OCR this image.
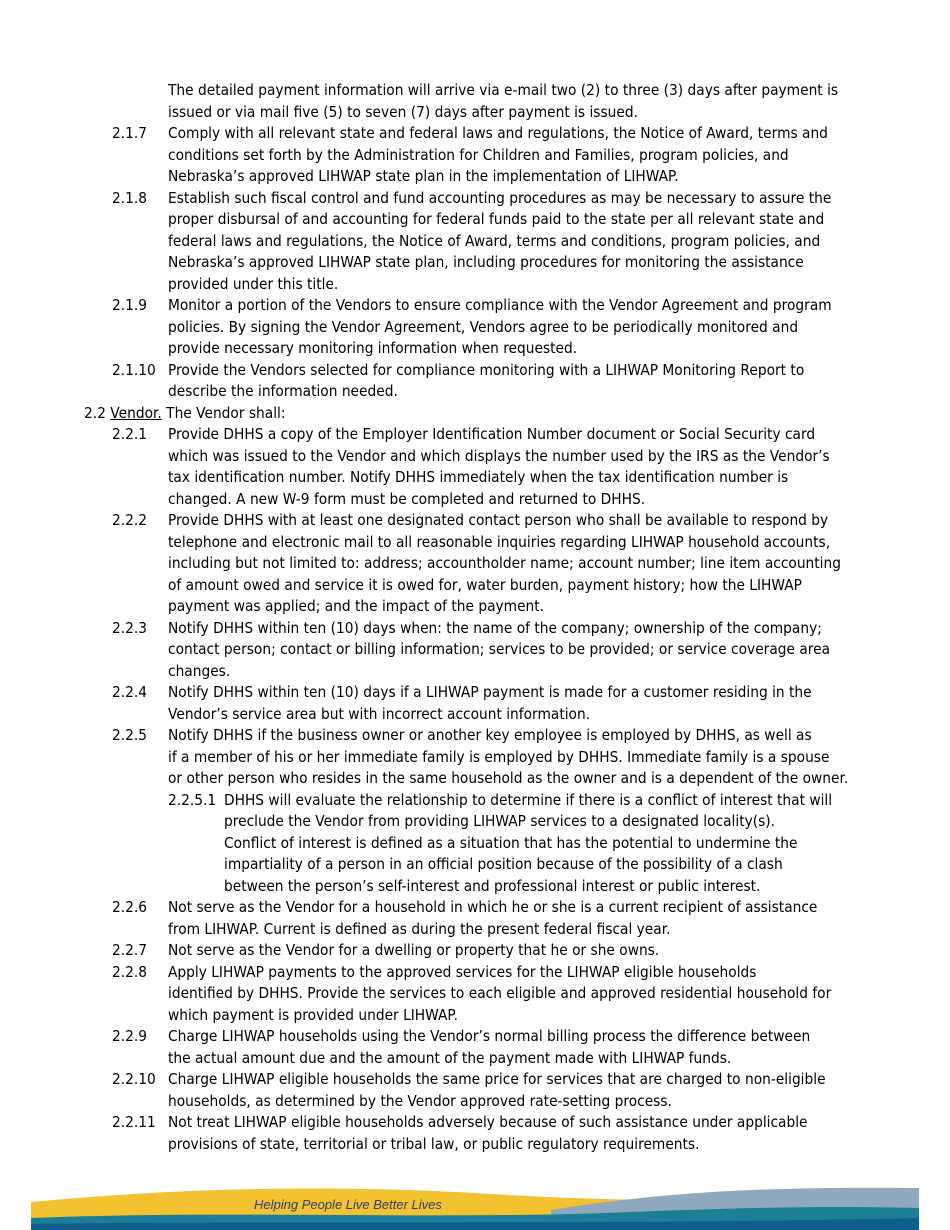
The detailed payment information will arrive via e-mail two (2) to three (3) days after payment is
issued or via mail five (5) to seven (7) days after payment is issued.
2.1.7 Comply with all relevant state and federal laws and regulations, the Notice of Award, terms and
conditions set forth by the Administration for Children and Families, program policies, and
Nebraska’s approved LIHWAP state plan in the implementation of LIHWAP.
2.1.8 Establish such fiscal control and fund accounting procedures as may be necessary to assure the
proper disbursal of and accounting for federal funds paid to the state per all relevant state and
federal laws and regulations, the Notice of Award, terms and conditions, program policies, and
Nebraska’s approved LIHWAP state plan, including procedures for monitoring the assistance
provided under this title.
2.1.9 Monitor a portion of the Vendors to ensure compliance with the Vendor Agreement and program
policies. By signing the Vendor Agreement, Vendors agree to be periodically monitored and
provide necessary monitoring information when requested.
2.1.10 Provide the Vendors selected for compliance monitoring with a LIHWAP Monitoring Report to
describe the information needed.
2.2 Vendor. The Vendor shall:
2.2.1 Provide DHHS a copy of the Employer Identification Number document or Social Security card
which was issued to the Vendor and which displays the number used by the IRS as the Vendor’s
tax identification number. Notify DHHS immediately when the tax identification number is
changed. A new W-9 form must be completed and returned to DHHS.
2.2.2 Provide DHHS with at least one designated contact person who shall be available to respond by
telephone and electronic mail to all reasonable inquiries regarding LIHWAP household accounts,
including but not limited to: address; accountholder name; account number; line item accounting
of amount owed and service it is owed for, water burden, payment history; how the LIHWAP
payment was applied; and the impact of the payment.
2.2.3 Notify DHHS within ten (10) days when: the name of the company; ownership of the company;
contact person; contact or billing information; services to be provided; or service coverage area
changes.
2.2.4 Notify DHHS within ten (10) days if a LIHWAP payment is made for a customer residing in the
Vendor’s service area but with incorrect account information.
2.2.5 Notify DHHS if the business owner or another key employee is employed by DHHS, as well as
if a member of his or her immediate family is employed by DHHS. Immediate family is a spouse
or other person who resides in the same household as the owner and is a dependent of the owner.
2.2.5.1 DHHS will evaluate the relationship to determine if there is a conflict of interest that will
preclude the Vendor from providing LIHWAP services to a designated locality(s).
Conflict of interest is defined as a situation that has the potential to undermine the
impartiality of a person in an official position because of the possibility of a clash
between the person’s self-interest and professional interest or public interest.
2.2.6 Not serve as the Vendor for a household in which he or she is a current recipient of assistance
from LIHWAP. Current is defined as during the present federal fiscal year.
2.2.7 Not serve as the Vendor for a dwelling or property that he or she owns.
2.2.8 Apply LIHWAP payments to the approved services for the LIHWAP eligible households
identified by DHHS. Provide the services to each eligible and approved residential household for
which payment is provided under LIHWAP.
2.2.9 Charge LIHWAP households using the Vendor’s normal billing process the difference between
the actual amount due and the amount of the payment made with LIHWAP funds.
2.2.10 Charge LIHWAP eligible households the same price for services that are charged to non-eligible
households, as determined by the Vendor approved rate-setting process.
2.2.11 Not treat LIHWAP eligible households adversely because of such assistance under applicable
provisions of state, territorial or tribal law, or public regulatory requirements.
Helping People Live Better Lives
